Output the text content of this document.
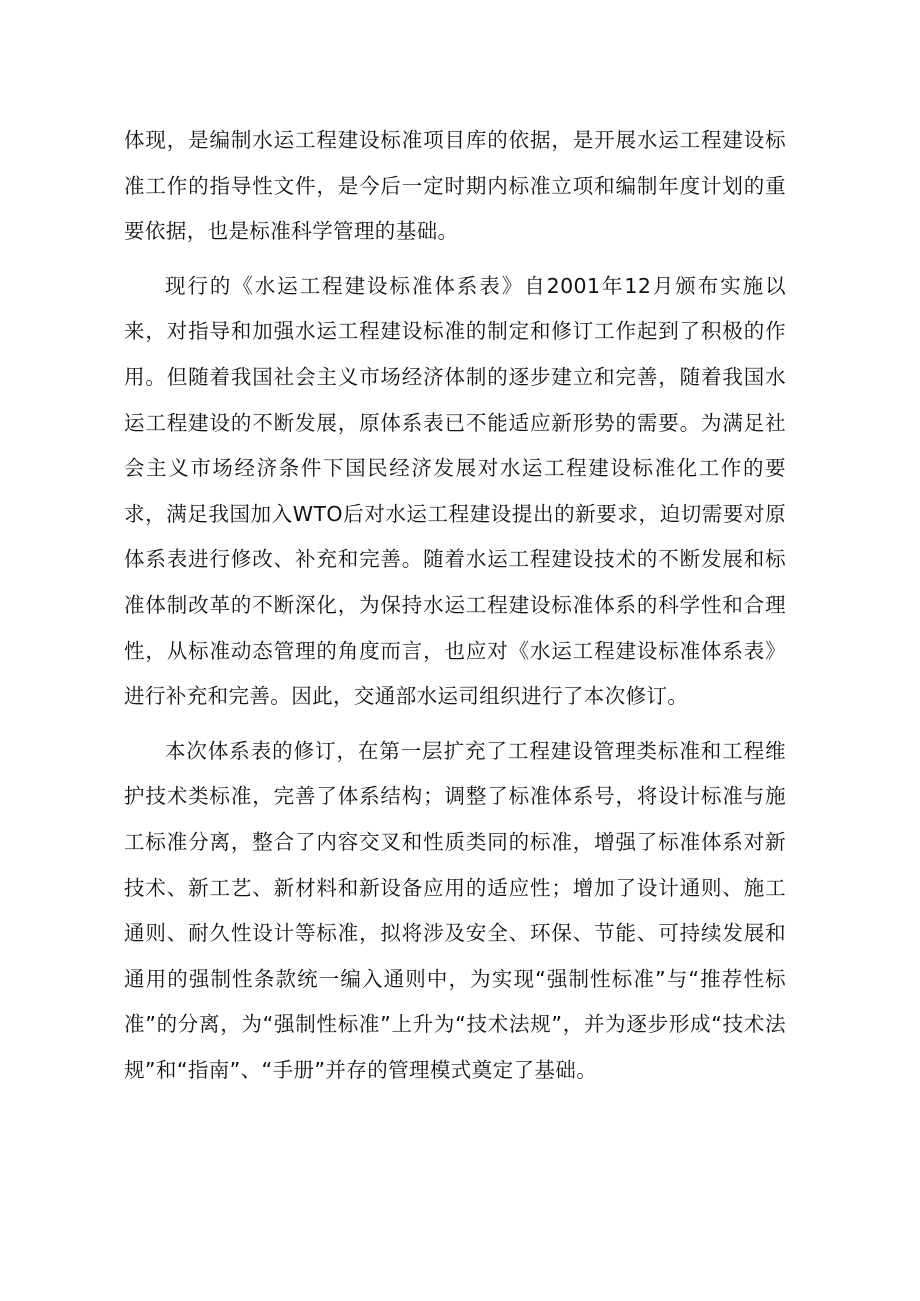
体现，是编制水运工程建设标准项目库的依据，是开展水运工程建设标准工作的指导性文件，是今后一定时期内标准立项和编制年度计划的重要依据，也是标准科学管理的基础。

现行的《水运工程建设标准体系表》自2001年12月颁布实施以来，对指导和加强水运工程建设标准的制定和修订工作起到了积极的作用。但随着我国社会主义市场经济体制的逐步建立和完善，随着我国水运工程建设的不断发展，原体系表已不能适应新形势的需要。为满足社会主义市场经济条件下国民经济发展对水运工程建设标准化工作的要求，满足我国加入WTO后对水运工程建设提出的新要求，迫切需要对原体系表进行修改、补充和完善。随着水运工程建设技术的不断发展和标准体制改革的不断深化，为保持水运工程建设标准体系的科学性和合理性，从标准动态管理的角度而言，也应对《水运工程建设标准体系表》进行补充和完善。因此，交通部水运司组织进行了本次修订。

本次体系表的修订，在第一层扩充了工程建设管理类标准和工程维护技术类标准，完善了体系结构；调整了标准体系号，将设计标准与施工标准分离，整合了内容交叉和性质类同的标准，增强了标准体系对新技术、新工艺、新材料和新设备应用的适应性；增加了设计通则、施工通则、耐久性设计等标准，拟将涉及安全、环保、节能、可持续发展和通用的强制性条款统一编入通则中，为实现“强制性标准”与“推荐性标准”的分离，为“强制性标准”上升为“技术法规”，并为逐步形成“技术法规”和“指南”、“手册”并存的管理模式奠定了基础。
